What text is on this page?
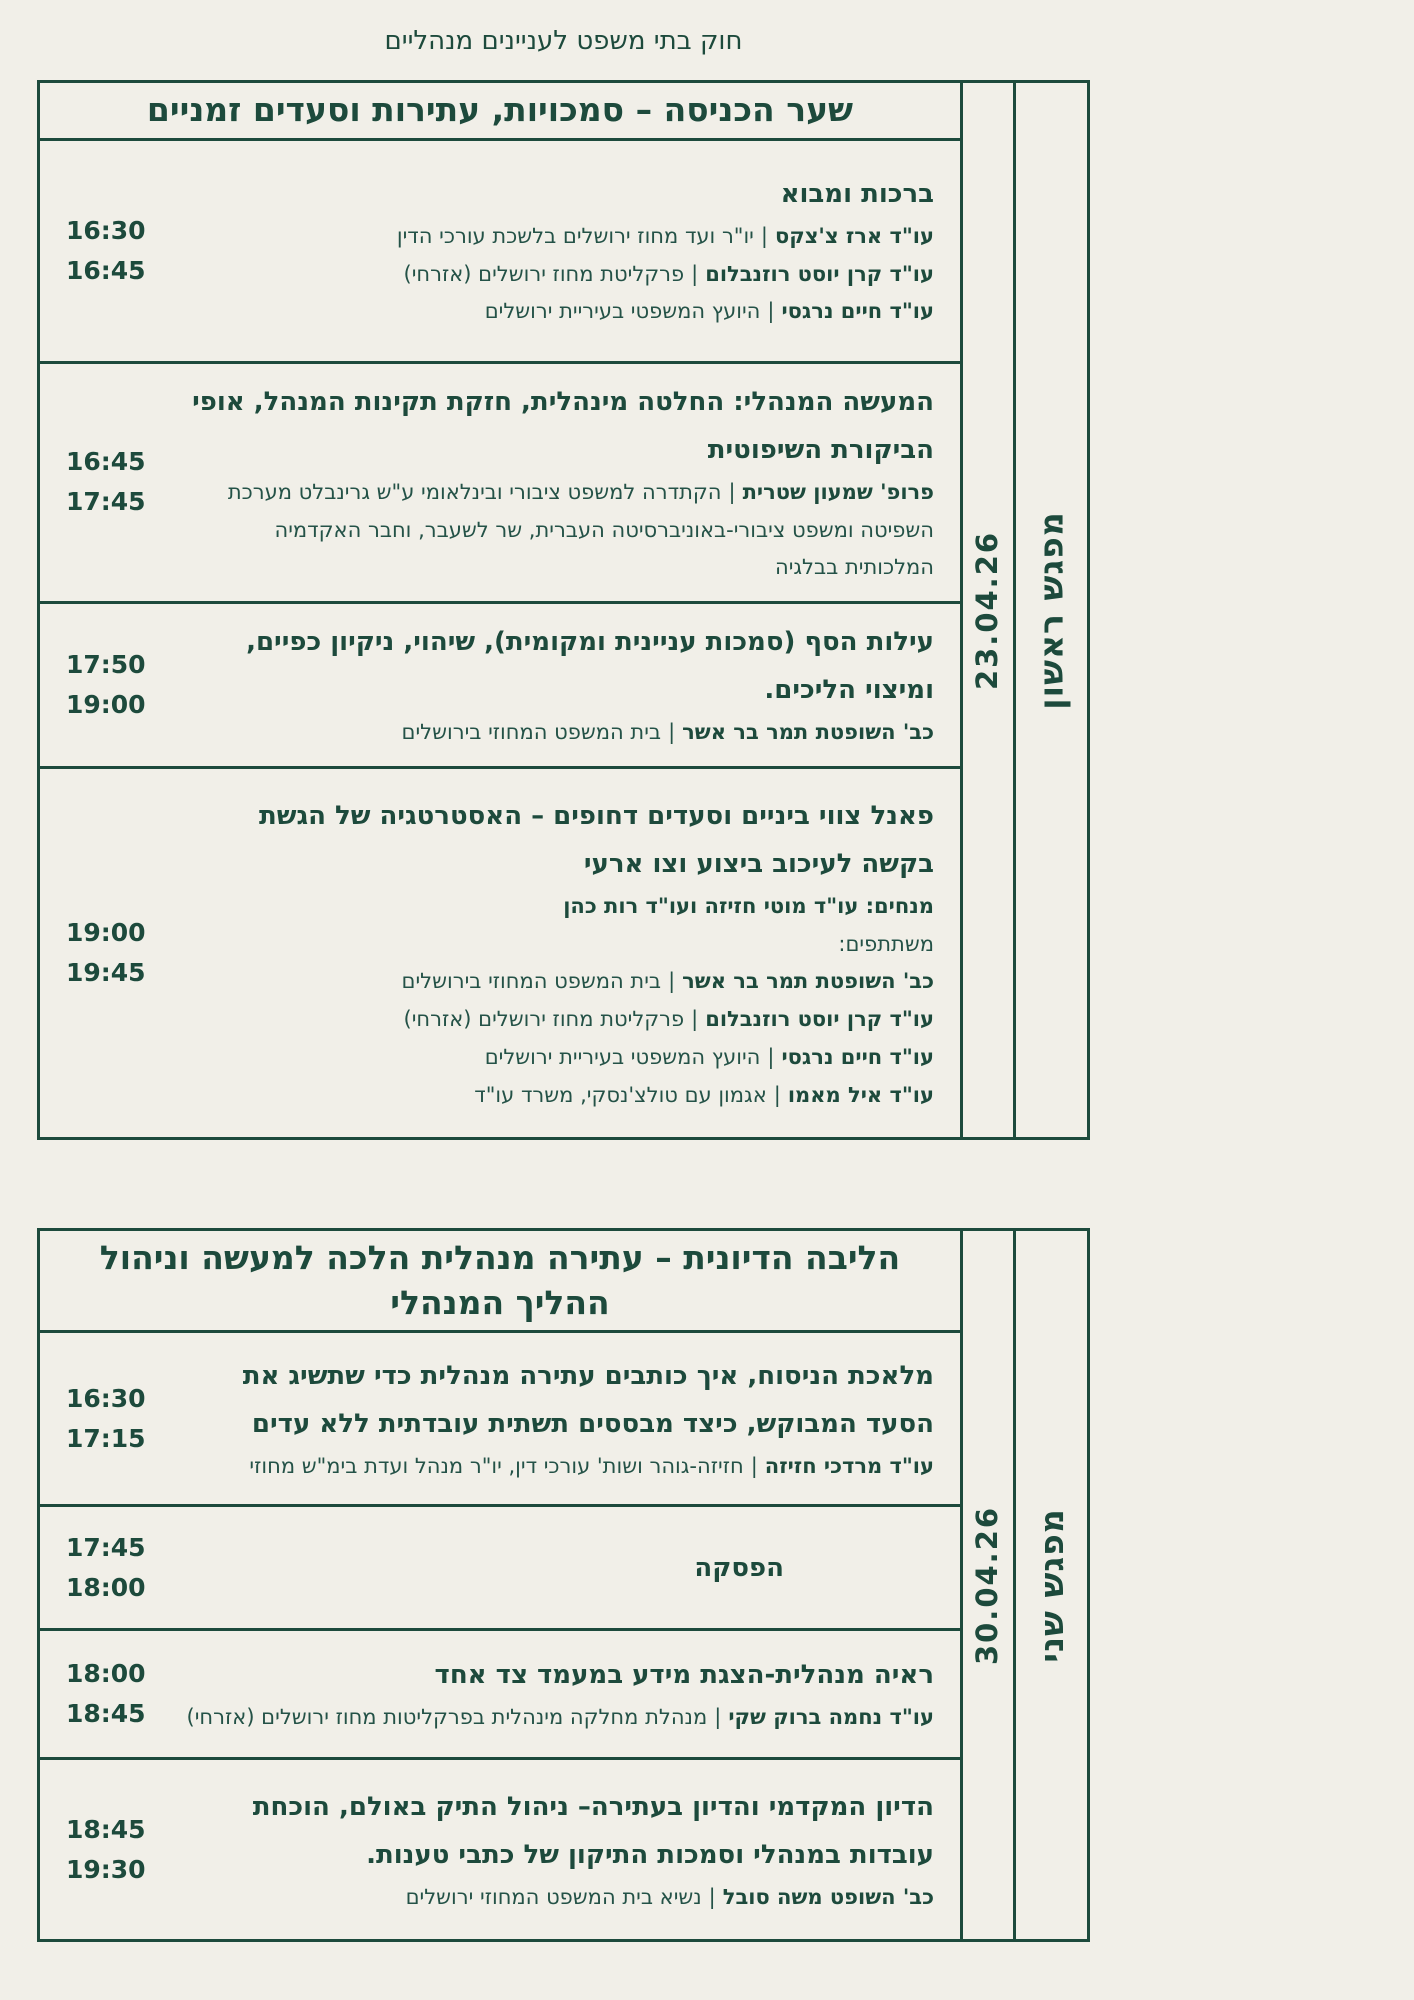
חוק בתי משפט לעניינים מנהליים
מפגש ראשון
23.04.26
שער הכניסה – סמכויות, עתירות וסעדים זמניים
ברכות ומבוא
עו"ד ארז צ'צקס|יו"ר ועד מחוז ירושלים בלשכת עורכי הדין
עו"ד קרן יוסט רוזנבלום|פרקליטת מחוז ירושלים (אזרחי)
עו"ד חיים נרגסי|היועץ המשפטי בעיריית ירושלים
16:30
16:45
המעשה המנהלי: החלטה מינהלית, חזקת תקינות המנהל, אופי הביקורת השיפוטית
פרופ' שמעון שטרית|הקתדרה למשפט ציבורי ובינלאומי ע"ש גרינבלט מערכת השפיטה ומשפט ציבורי-באוניברסיטה העברית, שר לשעבר, וחבר האקדמיה המלכותית בבלגיה
16:45
17:45
עילות הסף (סמכות עניינית ומקומית), שיהוי, ניקיון כפיים, ומיצוי הליכים.
כב' השופטת תמר בר אשר|בית המשפט המחוזי בירושלים
17:50
19:00
פאנל צווי ביניים וסעדים דחופים – האסטרטגיה של הגשת בקשה לעיכוב ביצוע וצו ארעי
מנחים: עו"ד מוטי חזיזה ועו"ד רות כהן
משתתפים:
כב' השופטת תמר בר אשר|בית המשפט המחוזי בירושלים
עו"ד קרן יוסט רוזנבלום|פרקליטת מחוז ירושלים (אזרחי)
עו"ד חיים נרגסי|היועץ המשפטי בעיריית ירושלים
עו"ד איל מאמו|אגמון עם טולצ'נסקי, משרד עו"ד
19:00
19:45
מפגש שני
30.04.26
הליבה הדיונית – עתירה מנהלית הלכה למעשה וניהול ההליך המנהלי
מלאכת הניסוח, איך כותבים עתירה מנהלית כדי שתשיג את הסעד המבוקש, כיצד מבססים תשתית עובדתית ללא עדים
עו"ד מרדכי חזיזה|חזיזה-גוהר ושות' עורכי דין, יו"ר מנהל ועדת בימ"ש מחוזי
16:30
17:15
הפסקה
17:45
18:00
ראיה מנהלית-הצגת מידע במעמד צד אחד
עו"ד נחמה ברוק שקי|מנהלת מחלקה מינהלית בפרקליטות מחוז ירושלים (אזרחי)
18:00
18:45
הדיון המקדמי והדיון בעתירה– ניהול התיק באולם, הוכחת עובדות במנהלי וסמכות התיקון של כתבי טענות.
כב' השופט משה סובל|נשיא בית המשפט המחוזי ירושלים
18:45
19:30
